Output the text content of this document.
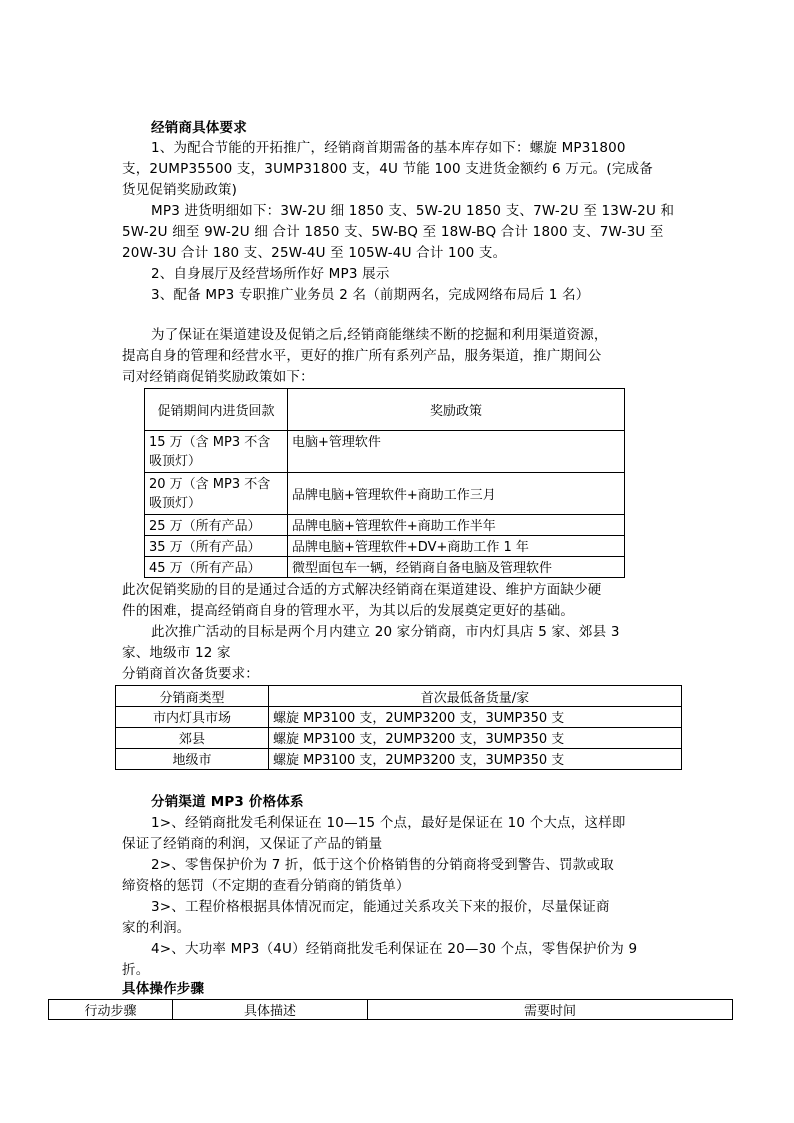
经销商具体要求
1、为配合节能的开拓推广，经销商首期需备的基本库存如下：螺旋 MP31800
支，2UMP35500 支，3UMP31800 支，4U 节能 100 支进货金额约 6 万元。(完成备
货见促销奖励政策)
MP3 进货明细如下：3W-2U 细 1850 支、5W-2U 1850 支、7W-2U 至 13W-2U 和
5W-2U 细至 9W-2U 细 合计 1850 支、5W-BQ 至 18W-BQ 合计 1800 支、7W-3U 至
20W-3U 合计 180 支、25W-4U 至 105W-4U 合计 100 支。
2、自身展厅及经营场所作好 MP3 展示
3、配备 MP3 专职推广业务员 2 名（前期两名，完成网络布局后 1 名）
为了保证在渠道建设及促销之后,经销商能继续不断的挖掘和利用渠道资源，
提高自身的管理和经营水平，更好的推广所有系列产品，服务渠道，推广期间公
司对经销商促销奖励政策如下：
促销期间内进货回款	奖励政策
15 万（含 MP3 不含吸顶灯）	电脑+管理软件
20 万（含 MP3 不含吸顶灯）	品牌电脑+管理软件+商助工作三月
25 万（所有产品）	品牌电脑+管理软件+商助工作半年
35 万（所有产品）	品牌电脑+管理软件+DV+商助工作 1 年
45 万（所有产品）	微型面包车一辆，经销商自备电脑及管理软件
此次促销奖励的目的是通过合适的方式解决经销商在渠道建设、维护方面缺少硬
件的困难，提高经销商自身的管理水平，为其以后的发展奠定更好的基础。
此次推广活动的目标是两个月内建立 20 家分销商，市内灯具店 5 家、郊县 3
家、地级市 12 家
分销商首次备货要求：
分销商类型	首次最低备货量/家
市内灯具市场	螺旋 MP3100 支，2UMP3200 支，3UMP350 支
郊县	螺旋 MP3100 支，2UMP3200 支，3UMP350 支
地级市	螺旋 MP3100 支，2UMP3200 支，3UMP350 支
分销渠道 MP3 价格体系
1>、经销商批发毛利保证在 10—15 个点，最好是保证在 10 个大点，这样即
保证了经销商的利润，又保证了产品的销量
2>、零售保护价为 7 折，低于这个价格销售的分销商将受到警告、罚款或取
缔资格的惩罚（不定期的查看分销商的销货单）
3>、工程价格根据具体情况而定，能通过关系攻关下来的报价，尽量保证商
家的利润。
4>、大功率 MP3（4U）经销商批发毛利保证在 20—30 个点，零售保护价为 9
折。
具体操作步骤
行动步骤	具体描述	需要时间
